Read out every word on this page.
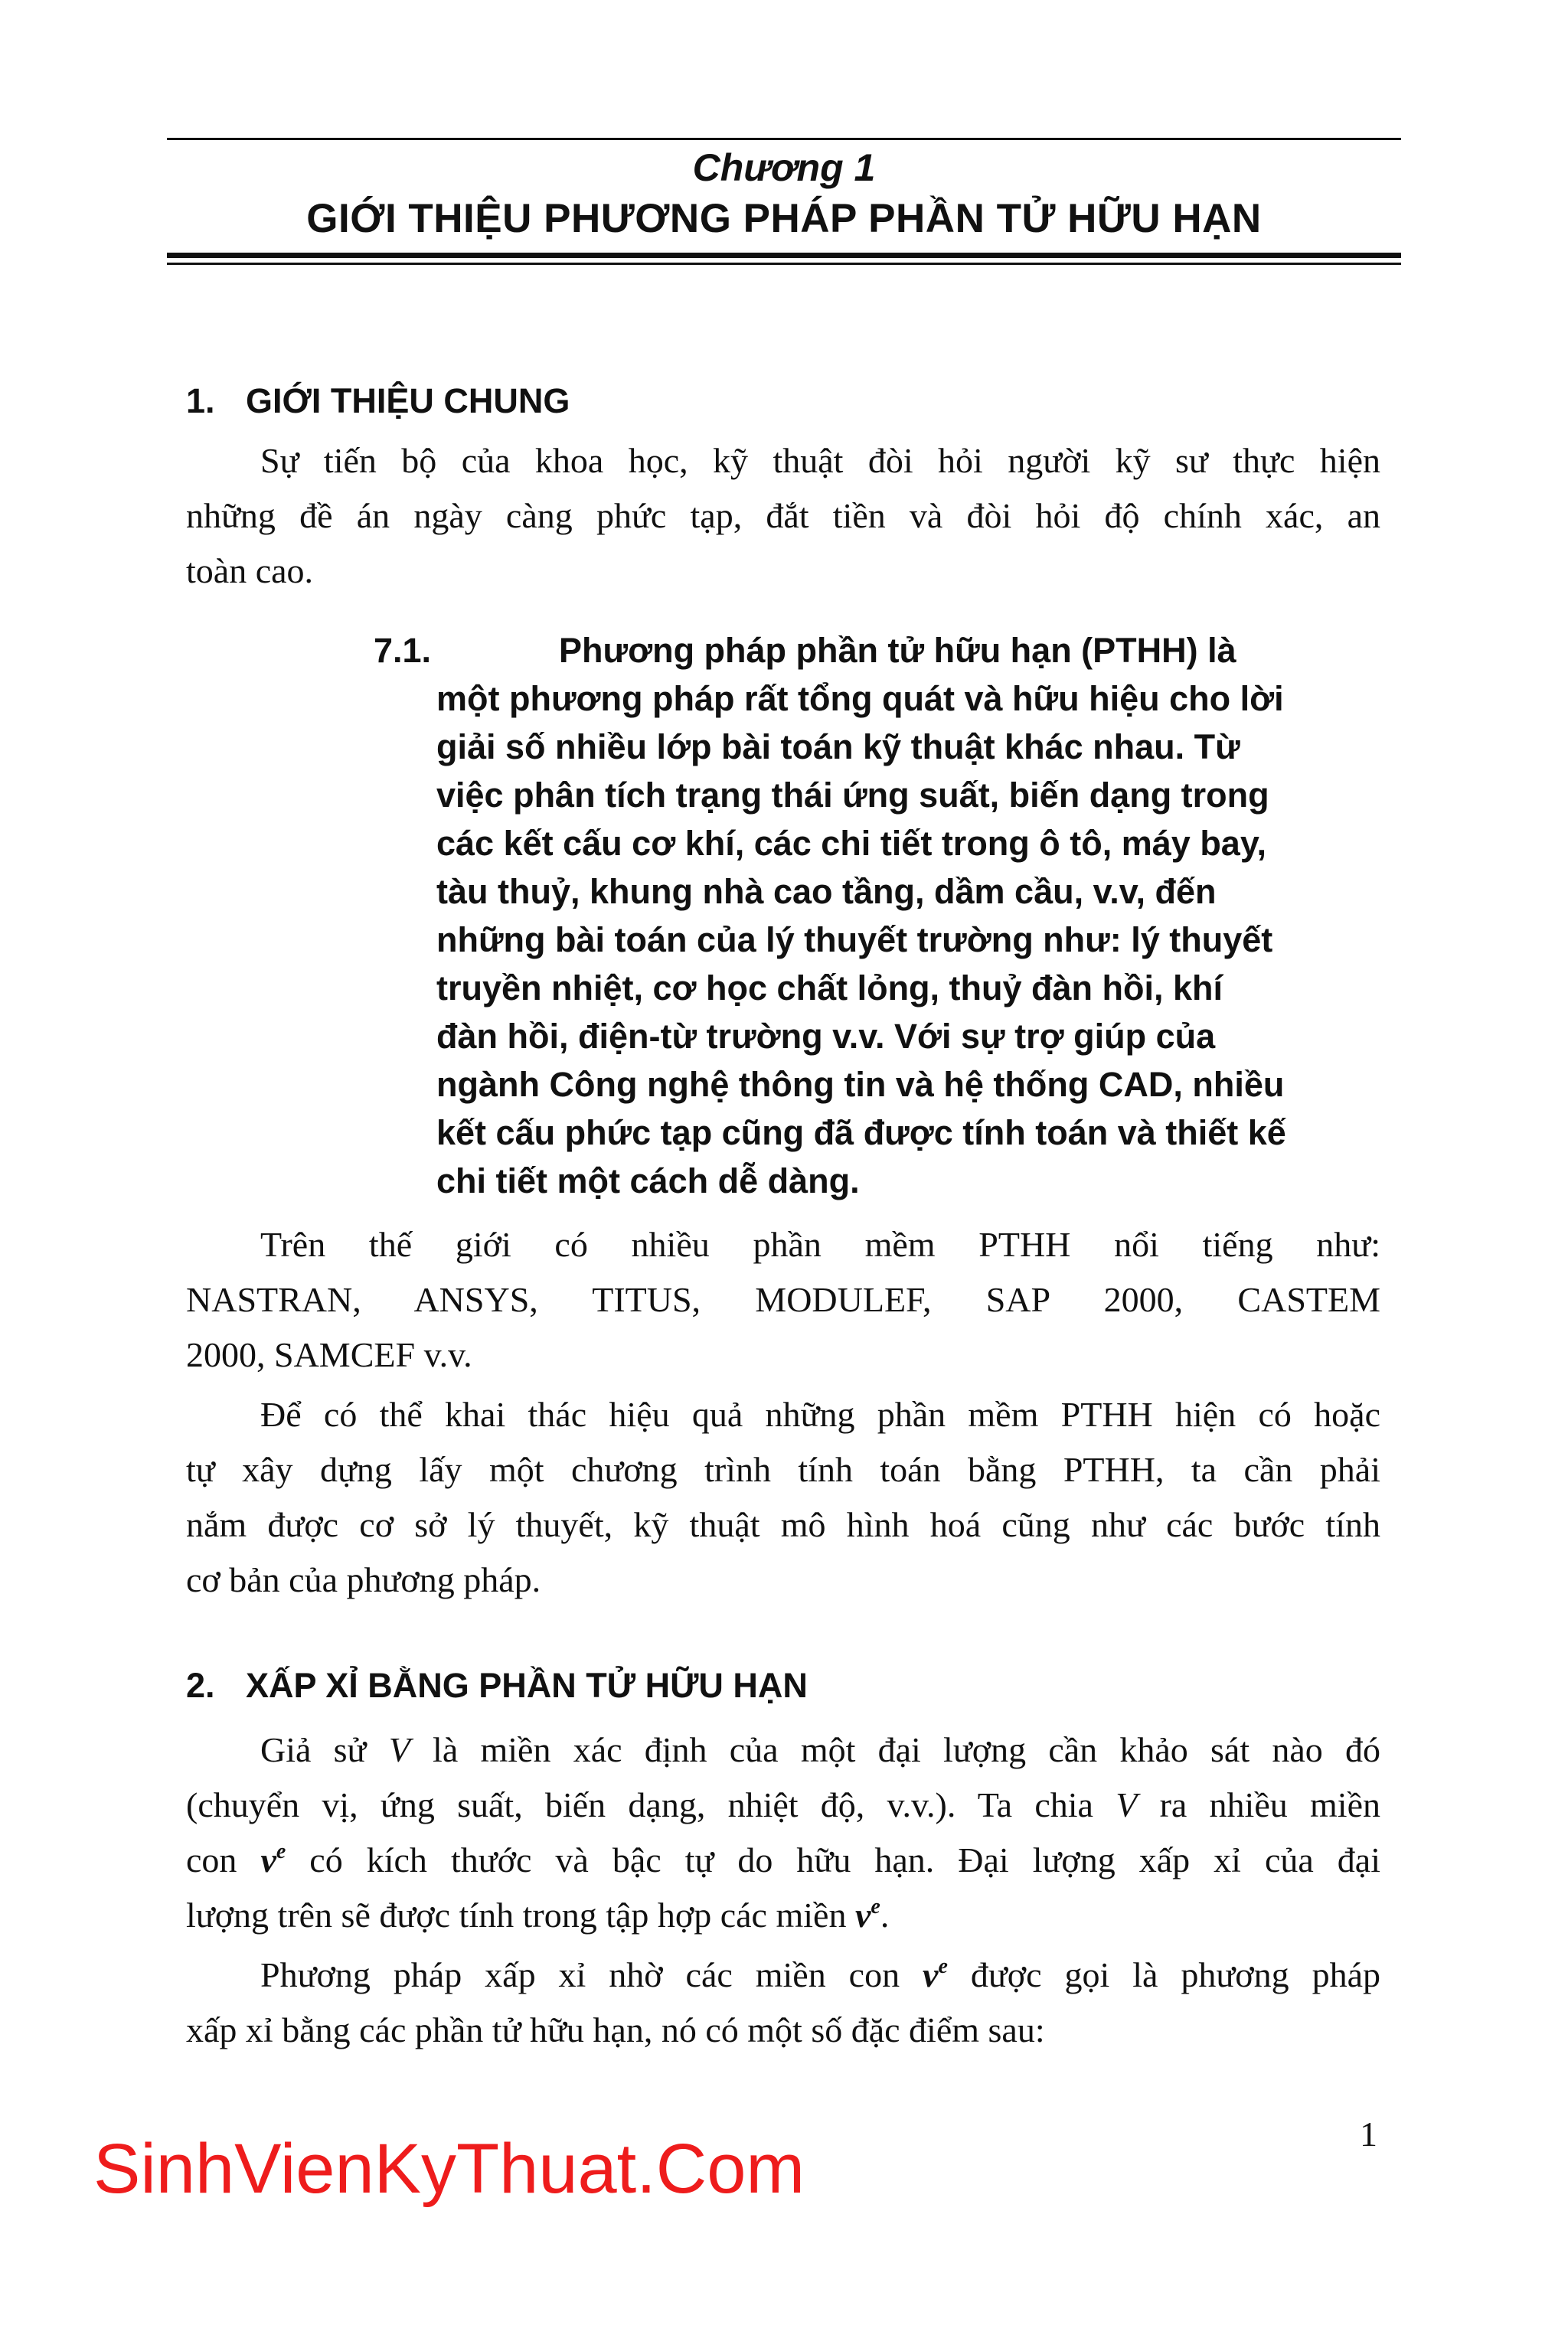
Chương 1

GIỚI THIỆU PHƯƠNG PHÁP PHẦN TỬ HỮU HẠN
1. GIỚI THIỆU CHUNG

Sự tiến bộ của khoa học, kỹ thuật đòi hỏi người kỹ sư thực hiện
những đề án ngày càng phức tạp, đắt tiền và đòi hỏi độ chính xác, an
toàn cao.

7.1.	Phương pháp phần tử hữu hạn (PTHH) là
một phương pháp rất tổng quát và hữu hiệu cho lời
giải số nhiều lớp bài toán kỹ thuật khác nhau. Từ
việc phân tích trạng thái ứng suất, biến dạng trong
các kết cấu cơ khí, các chi tiết trong ô tô, máy bay,
tàu thuỷ, khung nhà cao tầng, dầm cầu, v.v, đến
những bài toán của lý thuyết trường như: lý thuyết
truyền nhiệt, cơ học chất lỏng, thuỷ đàn hồi, khí
đàn hồi, điện-từ trường v.v. Với sự trợ giúp của
ngành Công nghệ thông tin và hệ thống CAD, nhiều
kết cấu phức tạp cũng đã được tính toán và thiết kế
chi tiết một cách dễ dàng.

Trên thế giới có nhiều phần mềm PTHH nổi tiếng như:
NASTRAN, ANSYS, TITUS, MODULEF, SAP 2000, CASTEM
2000, SAMCEF v.v.

Để có thể khai thác hiệu quả những phần mềm PTHH hiện có hoặc
tự xây dựng lấy một chương trình tính toán bằng PTHH, ta cần phải
nắm được cơ sở lý thuyết, kỹ thuật mô hình hoá cũng như các bước tính
cơ bản của phương pháp.

2. XẤP XỈ BẰNG PHẦN TỬ HỮU HẠN

Giả sử V là miền xác định của một đại lượng cần khảo sát nào đó
(chuyển vị, ứng suất, biến dạng, nhiệt độ, v.v.). Ta chia V ra nhiều miền
con $v^e$ có kích thước và bậc tự do hữu hạn. Đại lượng xấp xỉ của đại
lượng trên sẽ được tính trong tập hợp các miền $v^e$.

Phương pháp xấp xỉ nhờ các miền con $v^e$ được gọi là phương pháp
xấp xỉ bằng các phần tử hữu hạn, nó có một số đặc điểm sau:

1
SinhVienKyThuat.Com
